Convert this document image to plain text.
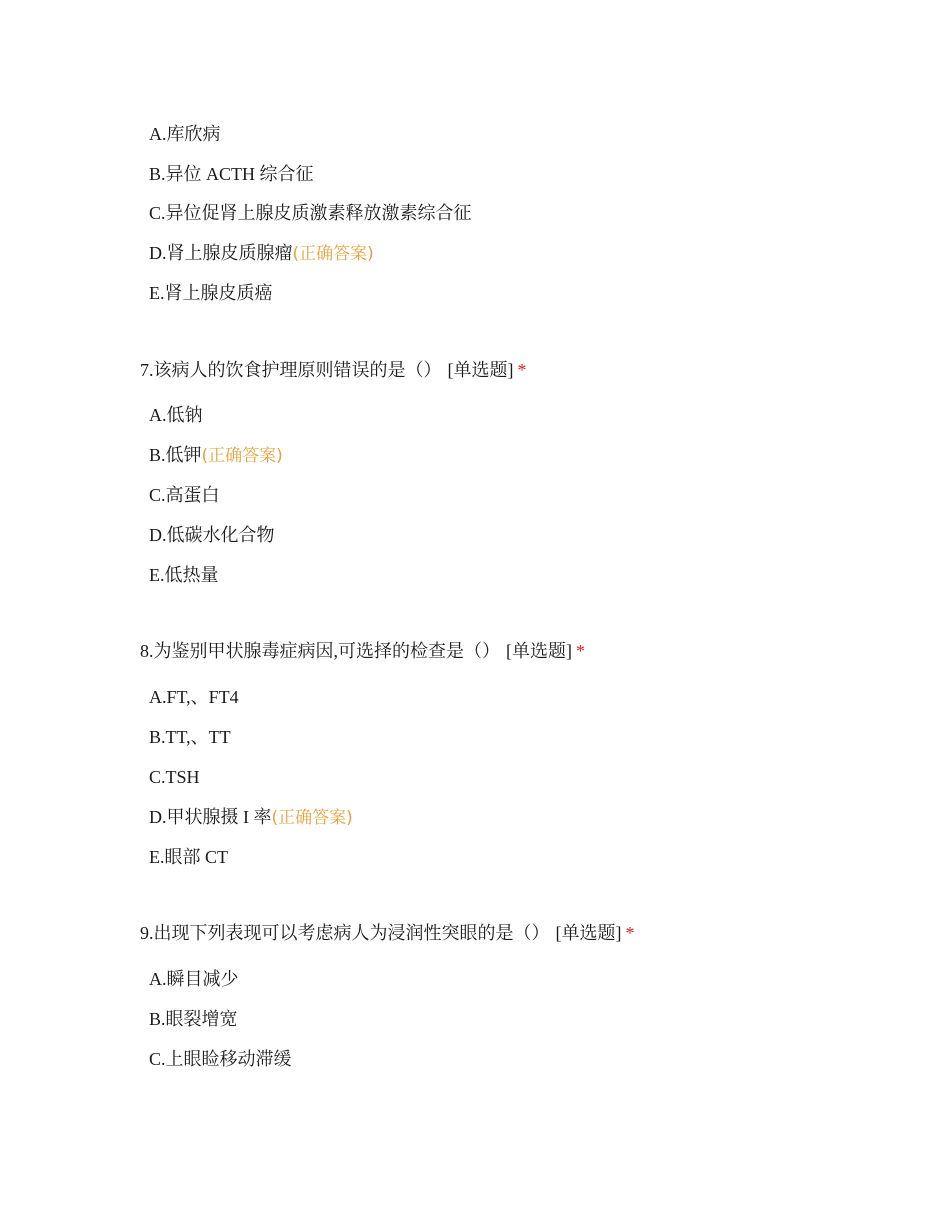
A.库欣病
B.异位 ACTH 综合征
C.异位促肾上腺皮质激素释放激素综合征
D.肾上腺皮质腺瘤(正确答案)
E.肾上腺皮质癌
7.该病人的饮食护理原则错误的是（） [单选题] *
A.低钠
B.低钾(正确答案)
C.高蛋白
D.低碳水化合物
E.低热量
8.为鉴别甲状腺毒症病因,可选择的检查是（） [单选题] *
A.FT,、FT4
B.TT,、TT
C.TSH
D.甲状腺摄 I 率(正确答案)
E.眼部 CT
9.出现下列表现可以考虑病人为浸润性突眼的是（） [单选题] *
A.瞬目减少
B.眼裂增宽
C.上眼睑移动滞缓
